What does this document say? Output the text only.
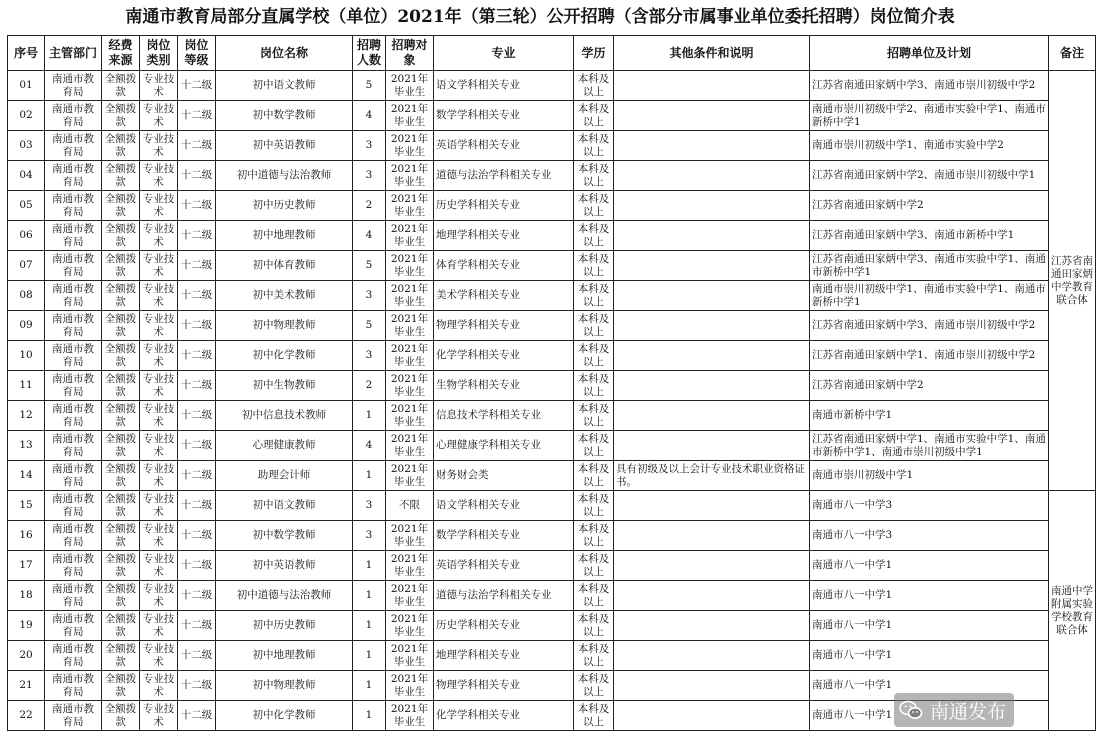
南通市教育局部分直属学校（单位）2021年（第三轮）公开招聘（含部分市属事业单位委托招聘）岗位简介表
序号	主管部门	经费来源	岗位类别	岗位等级	岗位名称	招聘人数	招聘对象	专业	学历	其他条件和说明	招聘单位及计划	备注
01	南通市教育局	全额拨款	专业技术	十二级	初中语文教师	5	2021年毕业生	语文学科相关专业	本科及以上		江苏省南通田家炳中学3、南通市崇川初级中学2	江苏省南通田家炳中学教育联合体
02	南通市教育局	全额拨款	专业技术	十二级	初中数学教师	4	2021年毕业生	数学学科相关专业	本科及以上		南通市崇川初级中学2、南通市实验中学1、南通市新桥中学1	
03	南通市教育局	全额拨款	专业技术	十二级	初中英语教师	3	2021年毕业生	英语学科相关专业	本科及以上		南通市崇川初级中学1、南通市实验中学2	
04	南通市教育局	全额拨款	专业技术	十二级	初中道德与法治教师	3	2021年毕业生	道德与法治学科相关专业	本科及以上		江苏省南通田家炳中学2、南通市崇川初级中学1	
05	南通市教育局	全额拨款	专业技术	十二级	初中历史教师	2	2021年毕业生	历史学科相关专业	本科及以上		江苏省南通田家炳中学2	
06	南通市教育局	全额拨款	专业技术	十二级	初中地理教师	4	2021年毕业生	地理学科相关专业	本科及以上		江苏省南通田家炳中学3、南通市新桥中学1	
07	南通市教育局	全额拨款	专业技术	十二级	初中体育教师	5	2021年毕业生	体育学科相关专业	本科及以上		江苏省南通田家炳中学3、南通市实验中学1、南通市新桥中学1	
08	南通市教育局	全额拨款	专业技术	十二级	初中美术教师	3	2021年毕业生	美术学科相关专业	本科及以上		南通市崇川初级中学1、南通市实验中学1、南通市新桥中学1	
09	南通市教育局	全额拨款	专业技术	十二级	初中物理教师	5	2021年毕业生	物理学科相关专业	本科及以上		江苏省南通田家炳中学3、南通市崇川初级中学2	
10	南通市教育局	全额拨款	专业技术	十二级	初中化学教师	3	2021年毕业生	化学学科相关专业	本科及以上		江苏省南通田家炳中学1、南通市崇川初级中学2	
11	南通市教育局	全额拨款	专业技术	十二级	初中生物教师	2	2021年毕业生	生物学科相关专业	本科及以上		江苏省南通田家炳中学2	
12	南通市教育局	全额拨款	专业技术	十二级	初中信息技术教师	1	2021年毕业生	信息技术学科相关专业	本科及以上		南通市新桥中学1	
13	南通市教育局	全额拨款	专业技术	十二级	心理健康教师	4	2021年毕业生	心理健康学科相关专业	本科及以上		江苏省南通田家炳中学1、南通市实验中学1、南通市新桥中学1、南通市崇川初级中学1	
14	南通市教育局	全额拨款	专业技术	十二级	助理会计师	1	2021年毕业生	财务财会类	本科及以上	具有初级及以上会计专业技术职业资格证书。	南通市崇川初级中学1	
15	南通市教育局	全额拨款	专业技术	十二级	初中语文教师	3	不限	语文学科相关专业	本科及以上		南通市八一中学3	南通中学附属实验学校教育联合体
16	南通市教育局	全额拨款	专业技术	十二级	初中数学教师	3	2021年毕业生	数学学科相关专业	本科及以上		南通市八一中学3	
17	南通市教育局	全额拨款	专业技术	十二级	初中英语教师	1	2021年毕业生	英语学科相关专业	本科及以上		南通市八一中学1	
18	南通市教育局	全额拨款	专业技术	十二级	初中道德与法治教师	1	2021年毕业生	道德与法治学科相关专业	本科及以上		南通市八一中学1	
19	南通市教育局	全额拨款	专业技术	十二级	初中历史教师	1	2021年毕业生	历史学科相关专业	本科及以上		南通市八一中学1	
20	南通市教育局	全额拨款	专业技术	十二级	初中地理教师	1	2021年毕业生	地理学科相关专业	本科及以上		南通市八一中学1	
21	南通市教育局	全额拨款	专业技术	十二级	初中物理教师	1	2021年毕业生	物理学科相关专业	本科及以上		南通市八一中学1	
22	南通市教育局	全额拨款	专业技术	十二级	初中化学教师	1	2021年毕业生	化学学科相关专业	本科及以上		南通市八一中学1	南通发布
